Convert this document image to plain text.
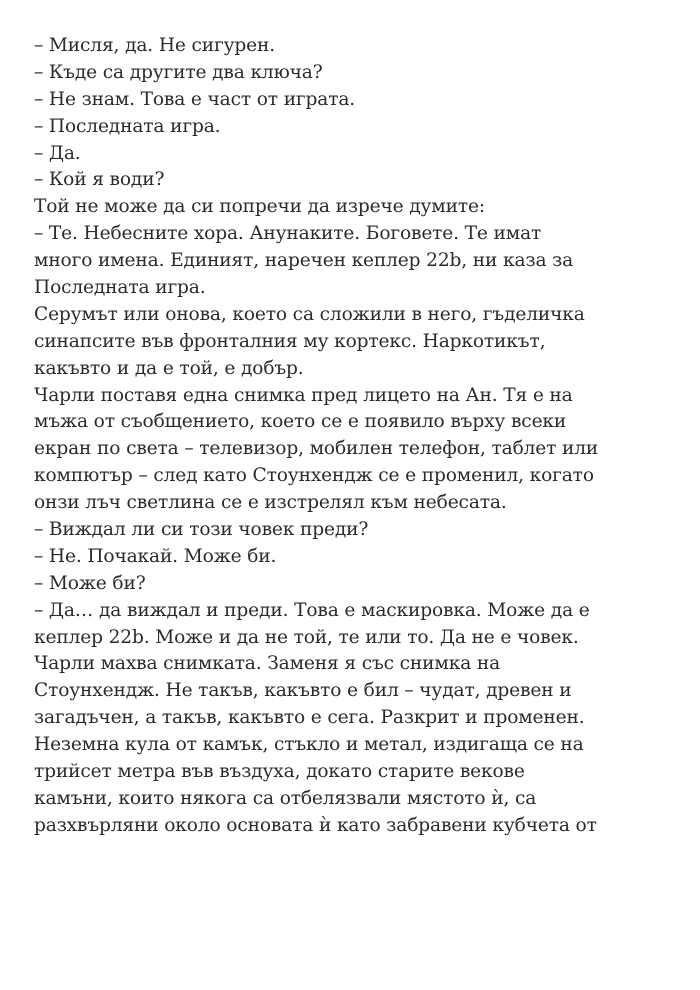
– Мисля, да. Не сигурен.
– Къде са другите два ключа?
– Не знам. Това е част от играта.
– Последната игра.
– Да.
– Кой я води?
Той не може да си попречи да изрече думите:
– Те. Небесните хора. Анунаките. Боговете. Те имат
много имена. Единият, наречен кеплер 22b, ни каза за
Последната игра.
Серумът или онова, което са сложили в него, гъделичка
синапсите във фронталния му кортекс. Наркотикът,
какъвто и да е той, е добър.
Чарли поставя една снимка пред лицето на Ан. Тя е на
мъжа от съобщението, което се е появило върху всеки
екран по света – телевизор, мобилен телефон, таблет или
компютър – след като Стоунхендж се е променил, когато
онзи лъч светлина се е изстрелял към небесата.
– Виждал ли си този човек преди?
– Не. Почакай. Може би.
– Може би?
– Да… да виждал и преди. Това е маскировка. Може да е
кеплер 22b. Може и да не той, те или то. Да не е човек.
Чарли махва снимката. Заменя я със снимка на
Стоунхендж. Не такъв, какъвто е бил – чудат, древен и
загадъчен, а такъв, какъвто е сега. Разкрит и променен.
Неземна кула от камък, стъкло и метал, издигаща се на
трийсет метра във въздуха, докато старите векове
камъни, които някога са отбелязвали мястото ѝ, са
разхвърляни около основата ѝ като забравени кубчета от
